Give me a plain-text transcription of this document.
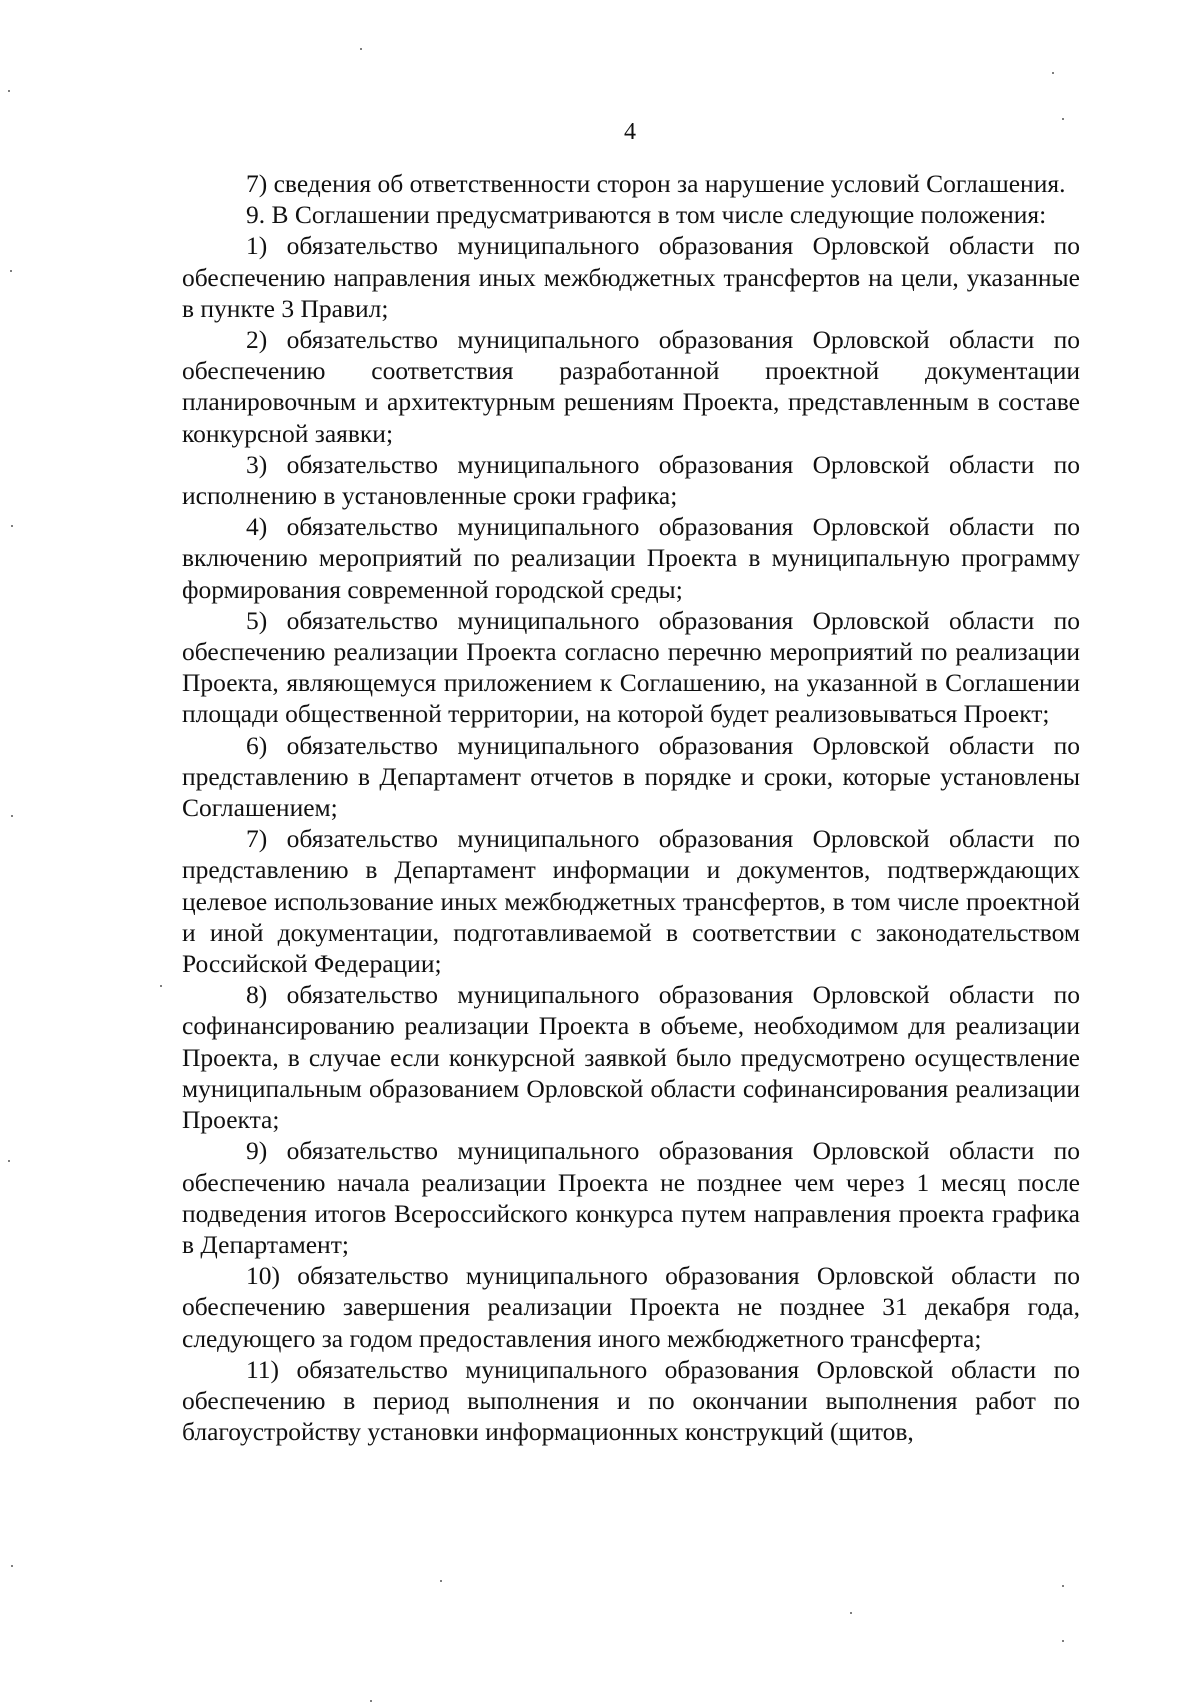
4

7) сведения об ответственности сторон за нарушение условий Соглашения.

9. В Соглашении предусматриваются в том числе следующие положения:

1) обязательство муниципального образования Орловской области по обеспечению направления иных межбюджетных трансфертов на цели, указанные в пункте 3 Правил;

2) обязательство муниципального образования Орловской области по обеспечению соответствия разработанной проектной документации планировочным и архитектурным решениям Проекта, представленным в составе конкурсной заявки;

3) обязательство муниципального образования Орловской области по исполнению в установленные сроки графика;

4) обязательство муниципального образования Орловской области по включению мероприятий по реализации Проекта в муниципальную программу формирования современной городской среды;

5) обязательство муниципального образования Орловской области по обеспечению реализации Проекта согласно перечню мероприятий по реализации Проекта, являющемуся приложением к Соглашению, на указанной в Соглашении площади общественной территории, на которой будет реализовываться Проект;

6) обязательство муниципального образования Орловской области по представлению в Департамент отчетов в порядке и сроки, которые установлены Соглашением;

7) обязательство муниципального образования Орловской области по представлению в Департамент информации и документов, подтверждающих целевое использование иных межбюджетных трансфертов, в том числе проектной и иной документации, подготавливаемой в соответствии с законодательством Российской Федерации;

8) обязательство муниципального образования Орловской области по софинансированию реализации Проекта в объеме, необходимом для реализации Проекта, в случае если конкурсной заявкой было предусмотрено осуществление муниципальным образованием Орловской области софинансирования реализации Проекта;

9) обязательство муниципального образования Орловской области по обеспечению начала реализации Проекта не позднее чем через 1 месяц после подведения итогов Всероссийского конкурса путем направления проекта графика в Департамент;

10) обязательство муниципального образования Орловской области по обеспечению завершения реализации Проекта не позднее 31 декабря года, следующего за годом предоставления иного межбюджетного трансферта;

11) обязательство муниципального образования Орловской области по обеспечению в период выполнения и по окончании выполнения работ по благоустройству установки информационных конструкций (щитов,
